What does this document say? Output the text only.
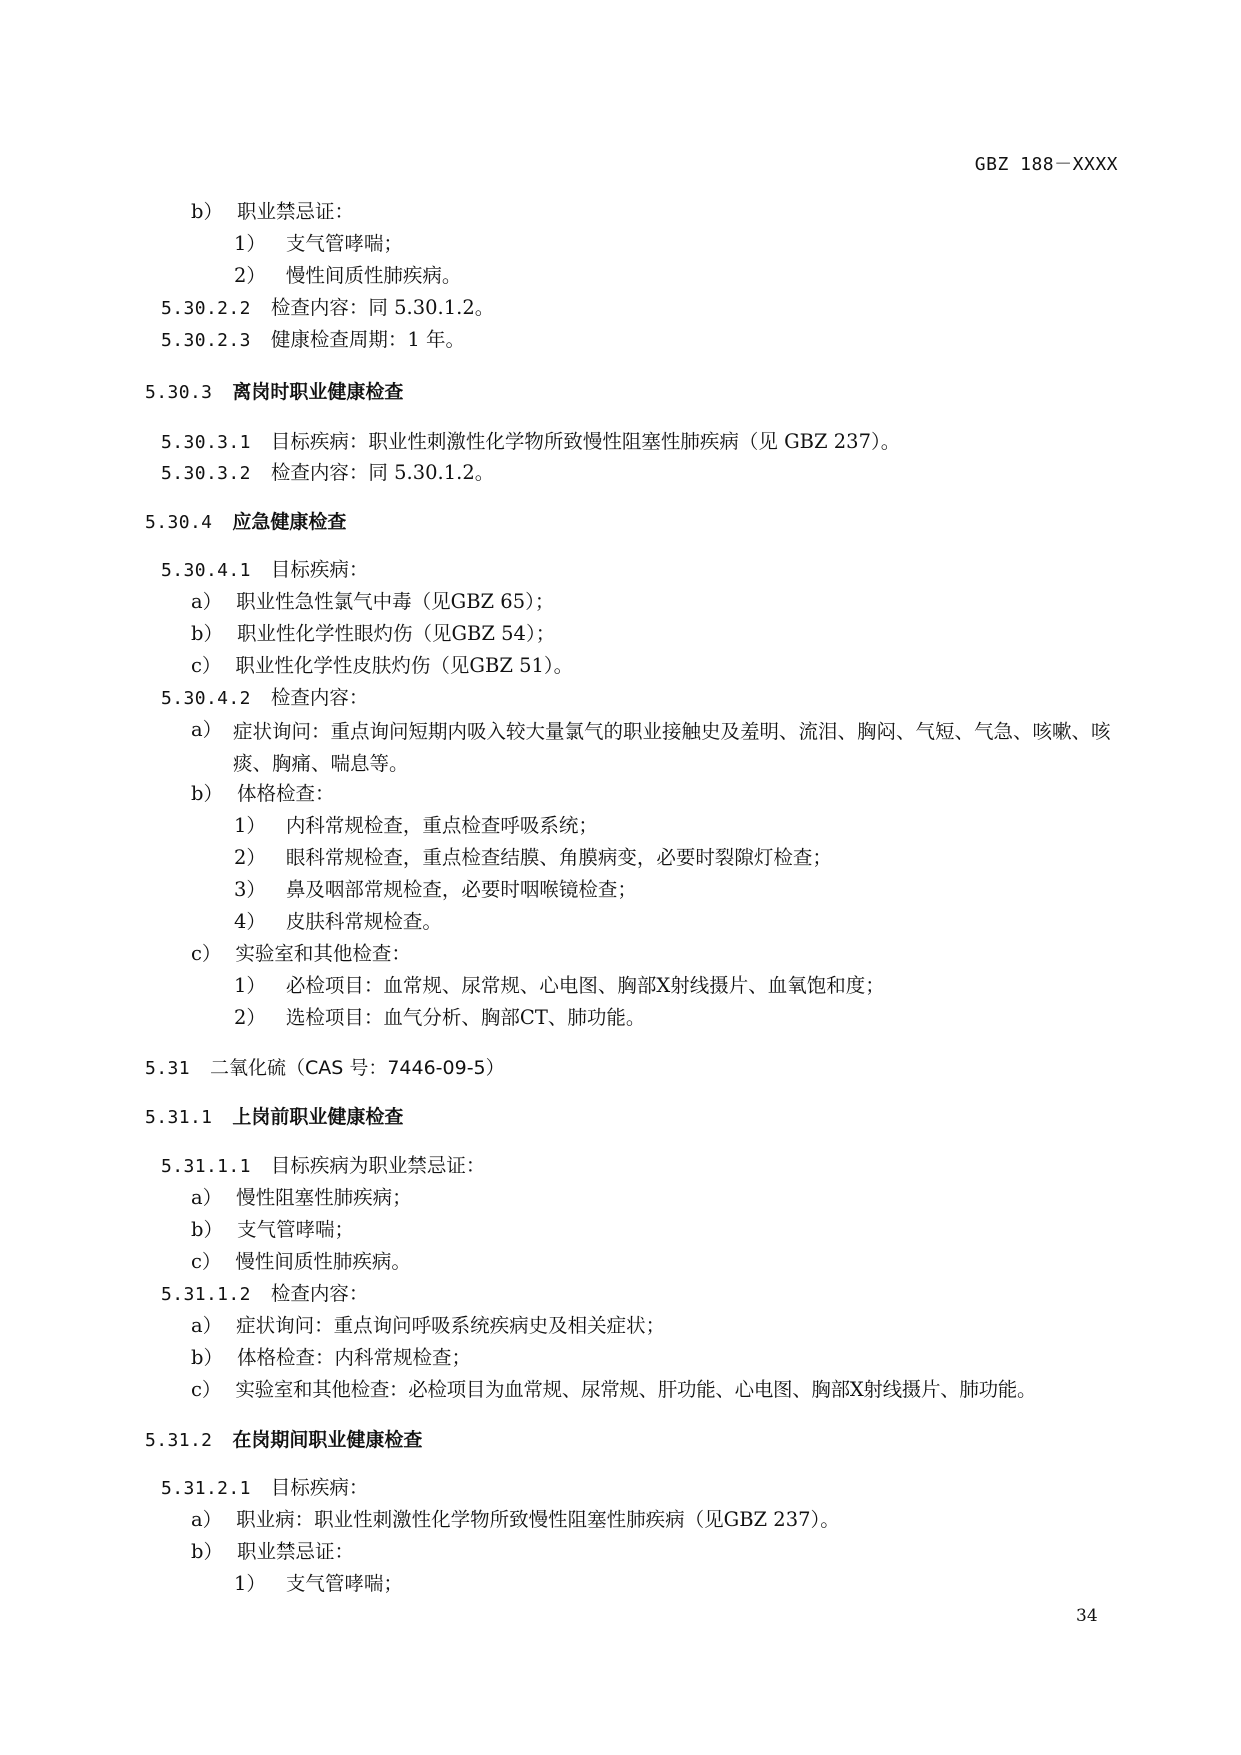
GBZ 188－XXXX
b） 职业禁忌证：
1） 支气管哮喘；
2） 慢性间质性肺疾病。
5.30.2.2 检查内容：同 5.30.1.2。
5.30.2.3 健康检查周期：1 年。
5.30.3 离岗时职业健康检查
5.30.3.1 目标疾病：职业性刺激性化学物所致慢性阻塞性肺疾病（见 GBZ 237）。
5.30.3.2 检查内容：同 5.30.1.2。
5.30.4 应急健康检查
5.30.4.1 目标疾病：
a） 职业性急性氯气中毒（见GBZ 65）；
b） 职业性化学性眼灼伤（见GBZ 54）；
c） 职业性化学性皮肤灼伤（见GBZ 51）。
5.30.4.2 检查内容：
a） 症状询问：重点询问短期内吸入较大量氯气的职业接触史及羞明、流泪、胸闷、气短、气急、咳嗽、咳痰、胸痛、喘息等。
b） 体格检查：
1） 内科常规检查，重点检查呼吸系统；
2） 眼科常规检查，重点检查结膜、角膜病变，必要时裂隙灯检查；
3） 鼻及咽部常规检查，必要时咽喉镜检查；
4） 皮肤科常规检查。
c） 实验室和其他检查：
1） 必检项目：血常规、尿常规、心电图、胸部X射线摄片、血氧饱和度；
2） 选检项目：血气分析、胸部CT、肺功能。
5.31 二氧化硫（CAS 号：7446-09-5）
5.31.1 上岗前职业健康检查
5.31.1.1 目标疾病为职业禁忌证：
a） 慢性阻塞性肺疾病；
b） 支气管哮喘；
c） 慢性间质性肺疾病。
5.31.1.2 检查内容：
a） 症状询问：重点询问呼吸系统疾病史及相关症状；
b） 体格检查：内科常规检查；
c） 实验室和其他检查：必检项目为血常规、尿常规、肝功能、心电图、胸部X射线摄片、肺功能。
5.31.2 在岗期间职业健康检查
5.31.2.1 目标疾病：
a） 职业病：职业性刺激性化学物所致慢性阻塞性肺疾病（见GBZ 237）。
b） 职业禁忌证：
1） 支气管哮喘；
34
